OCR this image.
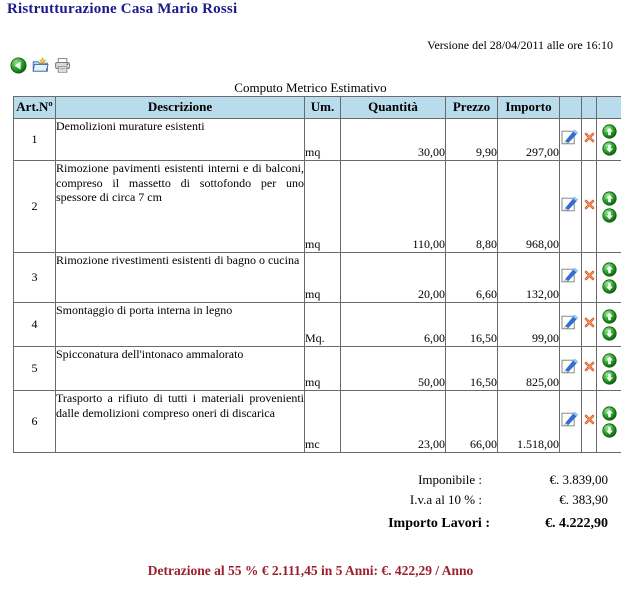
Ristrutturazione Casa Mario Rossi
Versione del 28/04/2011 alle ore 16:10
Computo Metrico Estimativo
Art.Nº	Descrizione	Um.	Quantità	Prezzo	Importo			
1	Demolizioni murature esistenti	mq	30,00	9,90	297,00			

2	Rimozione pavimenti esistenti interni e di balconi, compreso il massetto di sottofondo per uno spessore di circa 7 cm	mq	110,00	8,80	968,00			

3	Rimozione rivestimenti esistenti di bagno o cucina	mq	20,00	6,60	132,00			

4	Smontaggio di porta interna in legno	Mq.	6,00	16,50	99,00			

5	Spicconatura dell'intonaco ammalorato	mq	50,00	16,50	825,00			

6	Trasporto a rifiuto di tutti i materiali provenienti dalle demolizioni compreso oneri di discarica	mc	23,00	66,00	1.518,00			
Imponibile :	€. 3.839,00
I.v.a al 10 % :	€. 383,90
Importo Lavori :	€. 4.222,90
Detrazione al 55 % € 2.111,45 in 5 Anni: €. 422,29 / Anno
